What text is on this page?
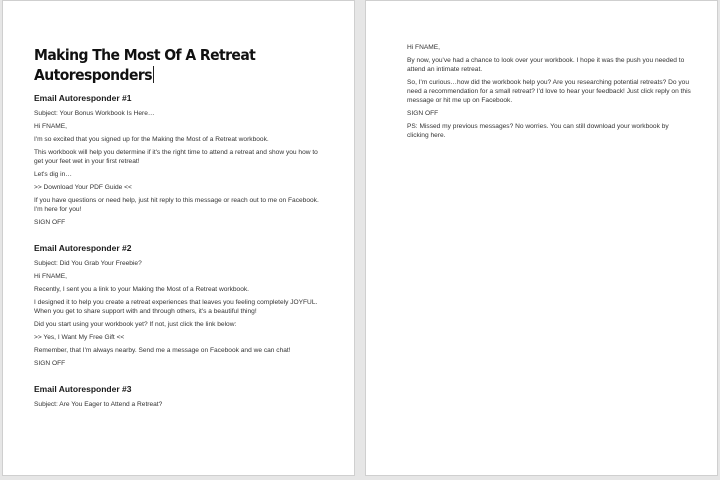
Making The Most Of A Retreat
Autoresponders
Email Autoresponder #1

Subject: Your Bonus Workbook Is Here…

Hi FNAME,

I'm so excited that you signed up for the Making the Most of a Retreat workbook.

This workbook will help you determine if it's the right time to attend a retreat and show you how to get your feet wet in your first retreat!

Let's dig in…

>> Download Your PDF Guide <<

If you have questions or need help, just hit reply to this message or reach out to me on Facebook. I'm here for you!

SIGN OFF

Email Autoresponder #2

Subject: Did You Grab Your Freebie?

Hi FNAME,

Recently, I sent you a link to your Making the Most of a Retreat workbook.

I designed it to help you create a retreat experiences that leaves you feeling completely JOYFUL. When you get to share support with and through others, it's a beautiful thing!

Did you start using your workbook yet? If not, just click the link below:

>> Yes, I Want My Free Gift <<

Remember, that I'm always nearby. Send me a message on Facebook and we can chat!

SIGN OFF

Email Autoresponder #3

Subject: Are You Eager to Attend a Retreat?

Hi FNAME,

By now, you've had a chance to look over your workbook. I hope it was the push you needed to attend an intimate retreat.

So, I'm curious…how did the workbook help you? Are you researching potential retreats? Do you need a recommendation for a small retreat? I'd love to hear your feedback! Just click reply on this message or hit me up on Facebook.

SIGN OFF

PS: Missed my previous messages? No worries. You can still download your workbook by clicking here.
